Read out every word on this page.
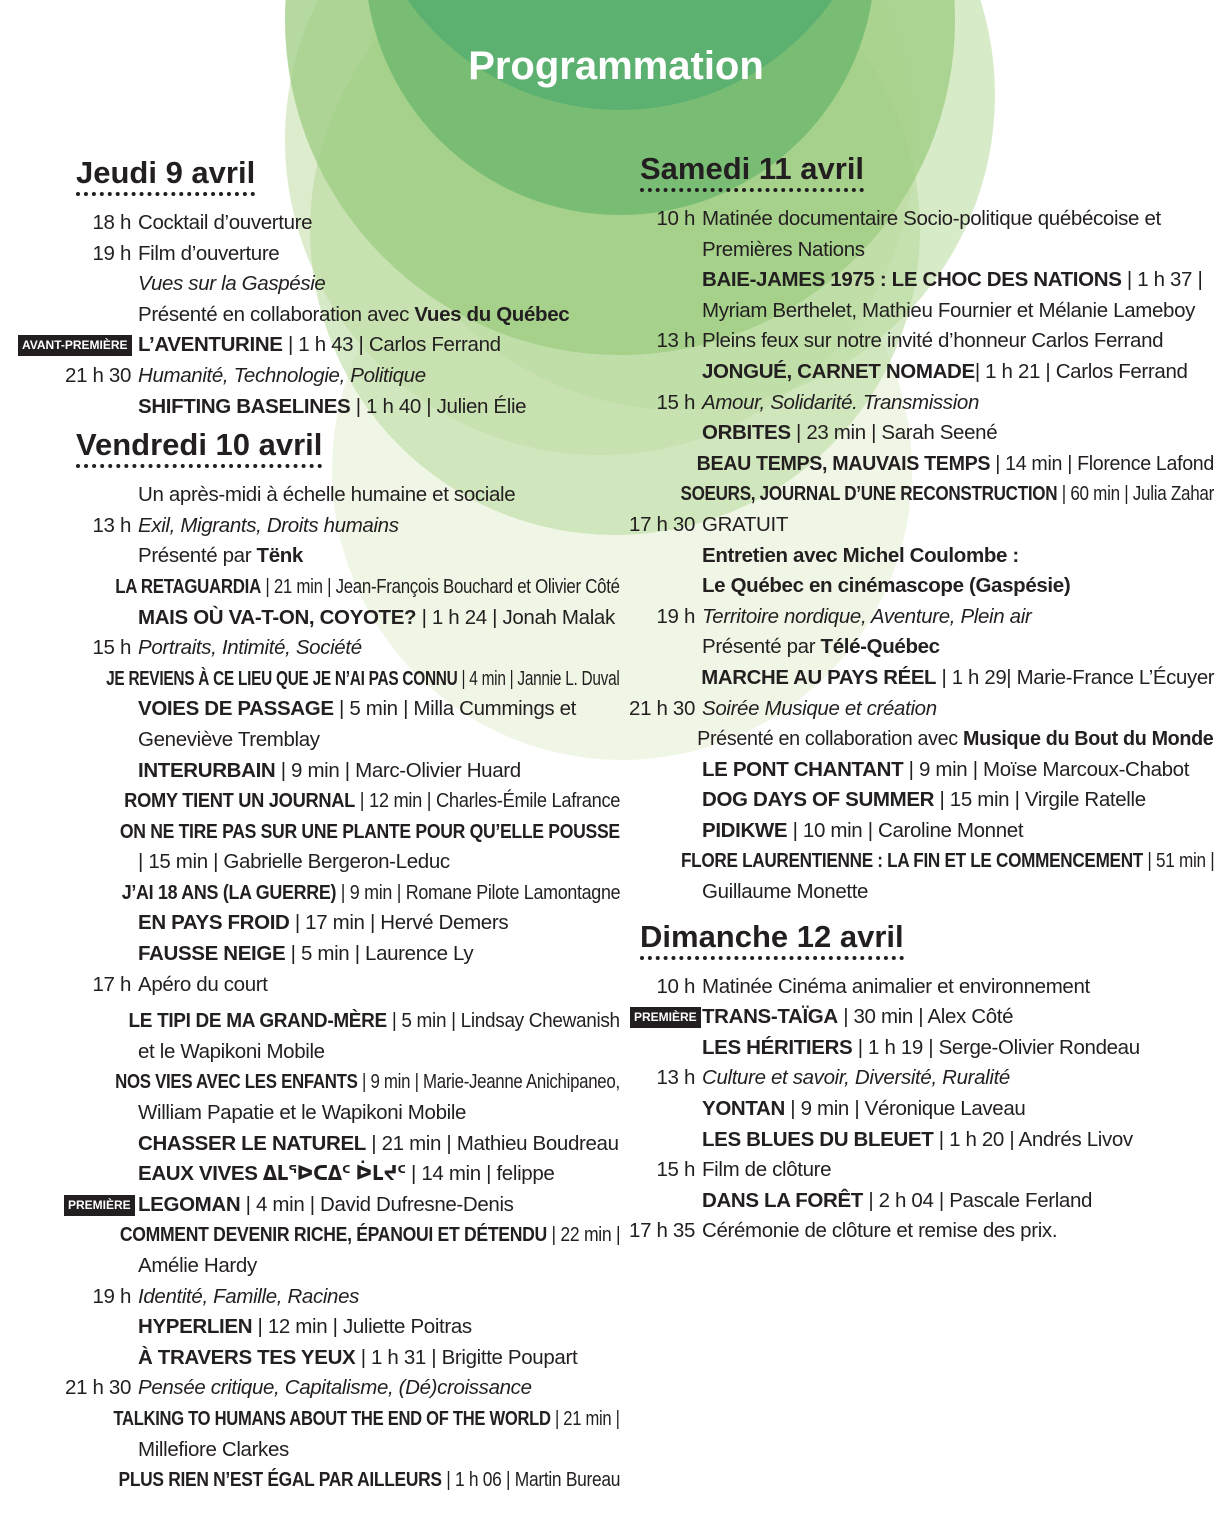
Programmation
Jeudi 9 avril
18 h Cocktail d’ouverture
19 h Film d’ouverture
Vues sur la Gaspésie
Présenté en collaboration avec Vues du Québec
AVANT-PREMIÈRE L’AVENTURINE | 1 h 43 | Carlos Ferrand
21 h 30 Humanité, Technologie, Politique
SHIFTING BASELINES | 1 h 40 | Julien Élie
Vendredi 10 avril
Un après-midi à échelle humaine et sociale
13 h Exil, Migrants, Droits humains
Présenté par Tënk
LA RETAGUARDIA | 21 min | Jean-François Bouchard et Olivier Côté
MAIS OÙ VA-T-ON, COYOTE? | 1 h 24 | Jonah Malak
15 h Portraits, Intimité, Société
JE REVIENS À CE LIEU QUE JE N’AI PAS CONNU | 4 min | Jannie L. Duval
VOIES DE PASSAGE | 5 min | Milla Cummings et
Geneviève Tremblay
INTERURBAIN | 9 min | Marc-Olivier Huard
ROMY TIENT UN JOURNAL | 12 min | Charles-Émile Lafrance
ON NE TIRE PAS SUR UNE PLANTE POUR QU’ELLE POUSSE
| 15 min | Gabrielle Bergeron-Leduc
J’AI 18 ANS (LA GUERRE) | 9 min | Romane Pilote Lamontagne
EN PAYS FROID | 17 min | Hervé Demers
FAUSSE NEIGE | 5 min | Laurence Ly
17 h Apéro du court
LE TIPI DE MA GRAND-MÈRE | 5 min | Lindsay Chewanish
et le Wapikoni Mobile
NOS VIES AVEC LES ENFANTS | 9 min | Marie-Jeanne Anichipaneo,
William Papatie et le Wapikoni Mobile
CHASSER LE NATUREL | 21 min | Mathieu Boudreau
EAUX VIVES ᐃᒪᕐᐅᑕᐃᑦ ᐆᒪᔪᑦ | 14 min | felippe
PREMIÈRE LEGOMAN | 4 min | David Dufresne-Denis
COMMENT DEVENIR RICHE, ÉPANOUI ET DÉTENDU | 22 min |
Amélie Hardy
19 h Identité, Famille, Racines
HYPERLIEN | 12 min | Juliette Poitras
À TRAVERS TES YEUX | 1 h 31 | Brigitte Poupart
21 h 30 Pensée critique, Capitalisme, (Dé)croissance
TALKING TO HUMANS ABOUT THE END OF THE WORLD | 21 min |
Millefiore Clarkes
PLUS RIEN N’EST ÉGAL PAR AILLEURS | 1 h 06 | Martin Bureau
Samedi 11 avril
10 h Matinée documentaire Socio-politique québécoise et
Premières Nations
BAIE-JAMES 1975 : LE CHOC DES NATIONS | 1 h 37 |
Myriam Berthelet, Mathieu Fournier et Mélanie Lameboy
13 h Pleins feux sur notre invité d’honneur Carlos Ferrand
JONGUÉ, CARNET NOMADE| 1 h 21 | Carlos Ferrand
15 h Amour, Solidarité. Transmission
ORBITES | 23 min | Sarah Seené
BEAU TEMPS, MAUVAIS TEMPS | 14 min | Florence Lafond
SOEURS, JOURNAL D’UNE RECONSTRUCTION | 60 min | Julia Zahar
17 h 30 GRATUIT
Entretien avec Michel Coulombe :
Le Québec en cinémascope (Gaspésie)
19 h Territoire nordique, Aventure, Plein air
Présenté par Télé-Québec
MARCHE AU PAYS RÉEL | 1 h 29| Marie-France L’Écuyer
21 h 30 Soirée Musique et création
Présenté en collaboration avec Musique du Bout du Monde
LE PONT CHANTANT | 9 min | Moïse Marcoux-Chabot
DOG DAYS OF SUMMER | 15 min | Virgile Ratelle
PIDIKWE | 10 min | Caroline Monnet
FLORE LAURENTIENNE : LA FIN ET LE COMMENCEMENT | 51 min |
Guillaume Monette
Dimanche 12 avril
10 h Matinée Cinéma animalier et environnement
PREMIÈRE TRANS-TAÏGA | 30 min | Alex Côté
LES HÉRITIERS | 1 h 19 | Serge-Olivier Rondeau
13 h Culture et savoir, Diversité, Ruralité
YONTAN | 9 min | Véronique Laveau
LES BLUES DU BLEUET | 1 h 20 | Andrés Livov
15 h Film de clôture
DANS LA FORÊT | 2 h 04 | Pascale Ferland
17 h 35 Cérémonie de clôture et remise des prix.
